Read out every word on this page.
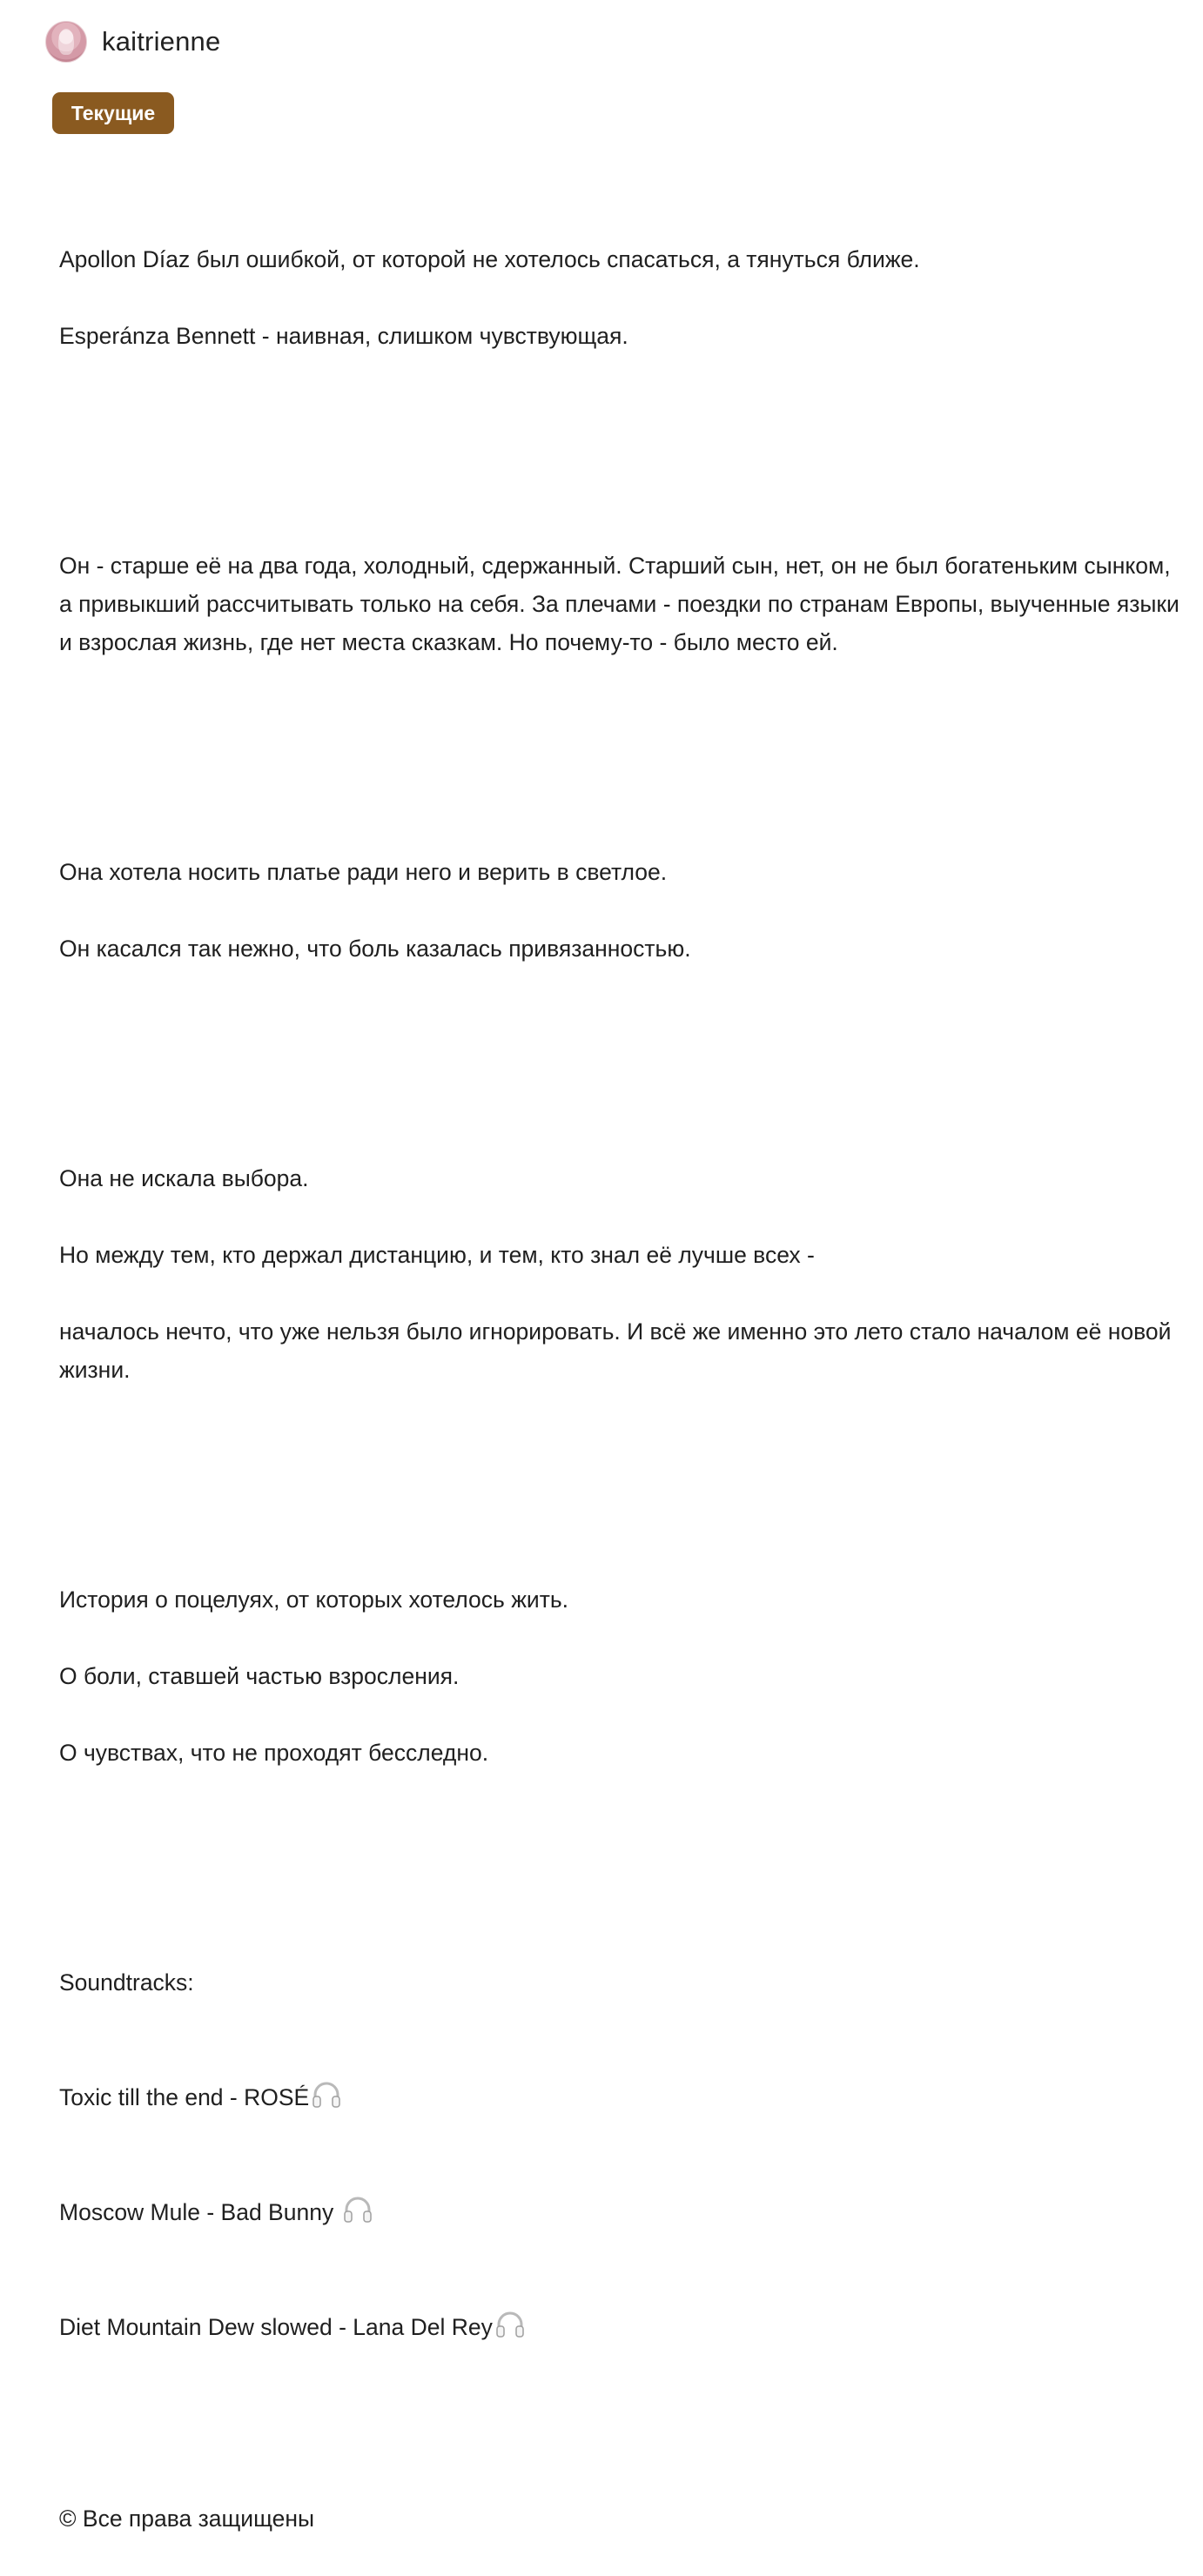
kaitrienne
Текущие

Apollon Díaz был ошибкой, от которой не хотелось спасаться, а тянуться ближе.

Esperánza Bennett - наивная, слишком чувствующая.

Он - старше её на два года, холодный, сдержанный. Старший сын, нет, он не был богатеньким сынком, а привыкший рассчитывать только на себя. За плечами - поездки по странам Европы, выученные языки и взрослая жизнь, где нет места сказкам. Но почему-то - было место ей.

Она хотела носить платье ради него и верить в светлое.

Он касался так нежно, что боль казалась привязанностью.

Она не искала выбора.

Но между тем, кто держал дистанцию, и тем, кто знал её лучше всех -

началось нечто, что уже нельзя было игнорировать. И всё же именно это лето стало началом её новой жизни.

История о поцелуях, от которых хотелось жить.

О боли, ставшей частью взросления.

О чувствах, что не проходят бесследно.

Soundtracks:

Toxic till the end - ROSÉ

Moscow Mule - Bad Bunny

Diet Mountain Dew slowed - Lana Del Rey

© Все права защищены
